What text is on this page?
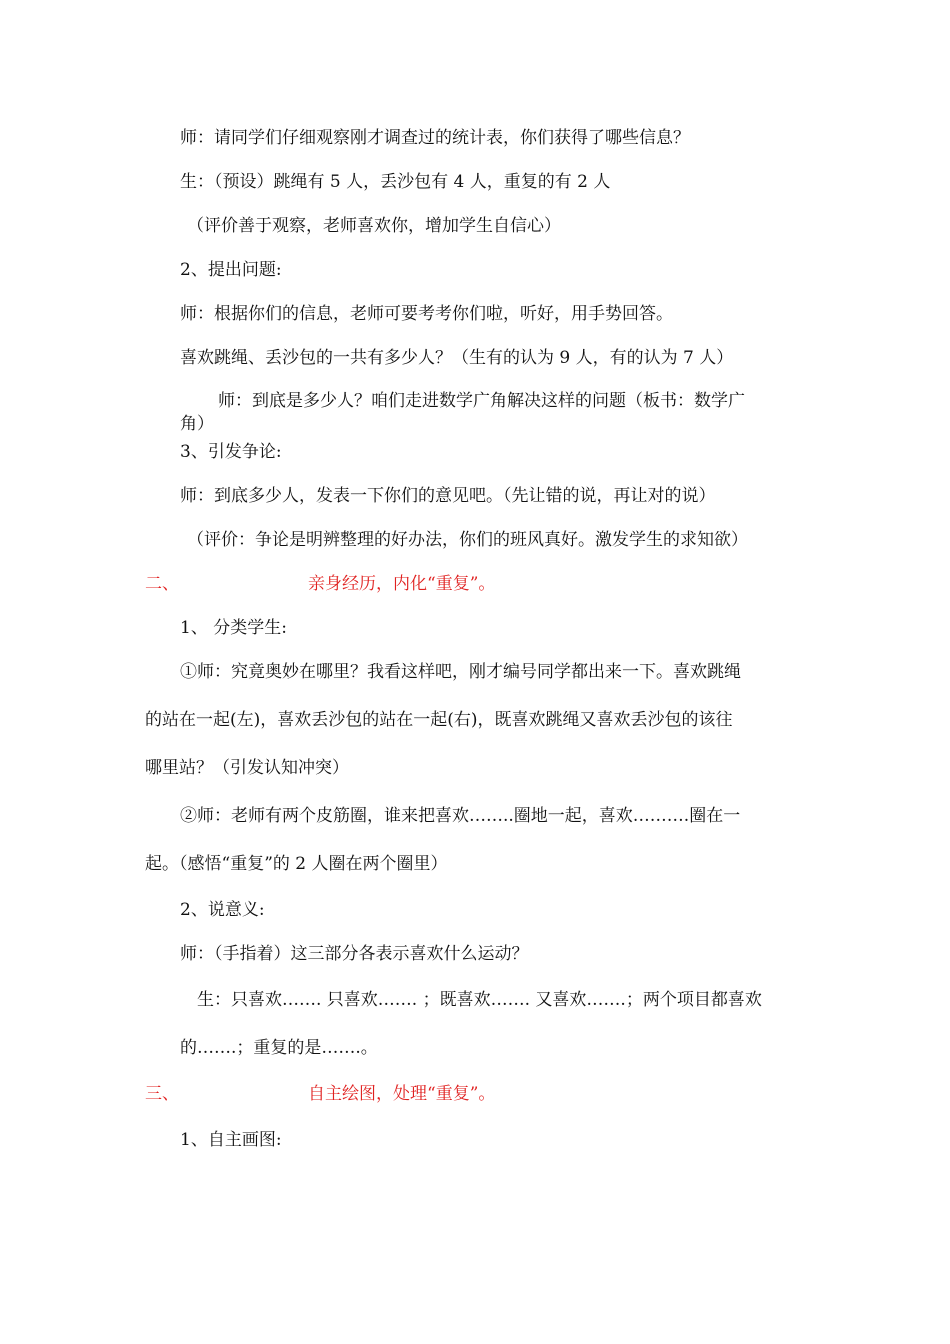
师：请同学们仔细观察刚才调查过的统计表，你们获得了哪些信息？
生：（预设）跳绳有 5 人，丢沙包有 4 人，重复的有 2 人
（评价善于观察，老师喜欢你，增加学生自信心）
2、提出问题:
师：根据你们的信息，老师可要考考你们啦，听好，用手势回答。
喜欢跳绳、丢沙包的一共有多少人？（生有的认为 9 人，有的认为 7 人）
师：到底是多少人？咱们走进数学广角解决这样的问题（板书：数学广
角）
3、引发争论:
师：到底多少人，发表一下你们的意见吧。（先让错的说，再让对的说）
（评价：争论是明辨整理的好办法，你们的班风真好。激发学生的求知欲）
二、	亲身经历，内化“重复”。
1、 分类学生:
①师：究竟奥妙在哪里？我看这样吧，刚才编号同学都出来一下。喜欢跳绳
的站在一起(左)，喜欢丢沙包的站在一起(右)，既喜欢跳绳又喜欢丢沙包的该往
哪里站？（引发认知冲突）
②师：老师有两个皮筋圈，谁来把喜欢……..圈地一起，喜欢……….圈在一
起。（感悟“重复”的 2 人圈在两个圈里）
2、说意义:
师：（手指着）这三部分各表示喜欢什么运动？
生：只喜欢……. 只喜欢……. ；既喜欢……. 又喜欢…….；两个项目都喜欢
的…….；重复的是…….。
三、	自主绘图，处理“重复”。
1、自主画图:
